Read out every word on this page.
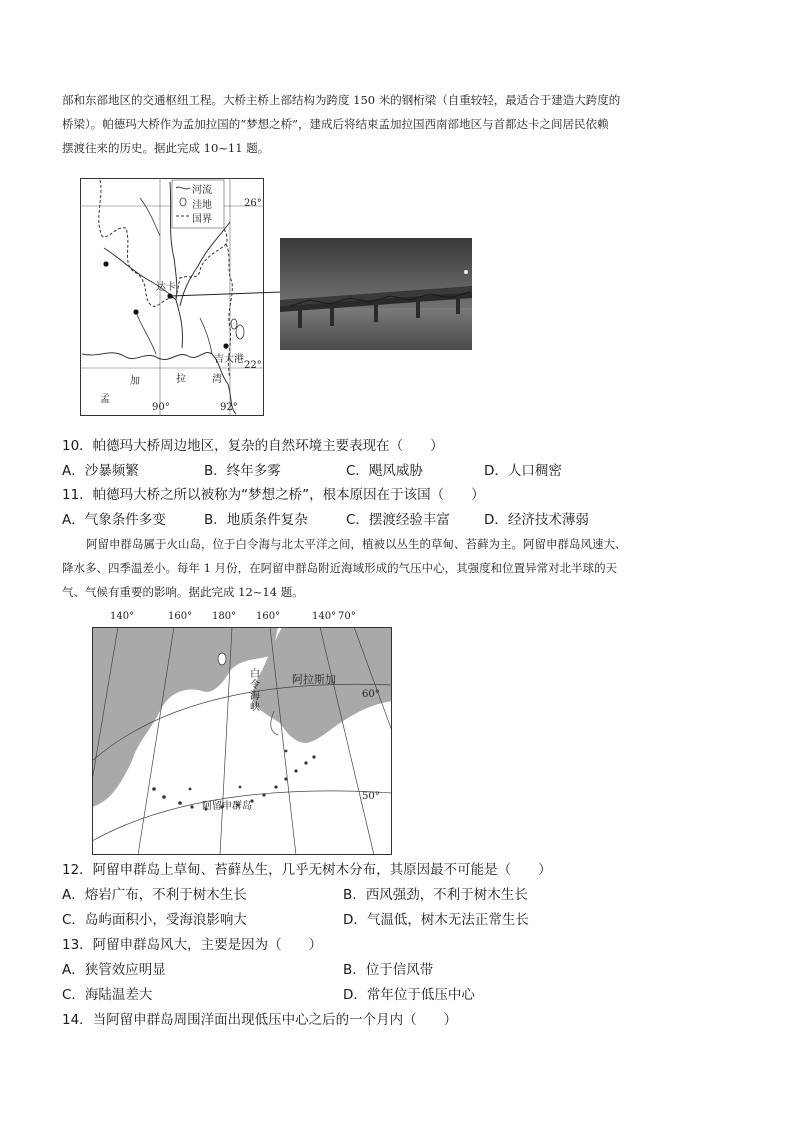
部和东部地区的交通枢纽工程。大桥主桥上部结构为跨度 150 米的钢桁梁（自重较轻，最适合于建造大跨度的
桥梁）。帕德玛大桥作为孟加拉国的“梦想之桥”，建成后将结束孟加拉国西南部地区与首都达卡之间居民依赖
摆渡往来的历史。据此完成 10~11 题。
河流
洼地
国界
26°
22°
90°	92°
达卡
吉大港
孟
加	拉	湾
10．帕德玛大桥周边地区，复杂的自然环境主要表现在（　　）
A．沙暴频繁	B．终年多雾	C．飓风威胁	D．人口稠密
11．帕德玛大桥之所以被称为“梦想之桥”，根本原因在于该国（　　）
A．气象条件多变	B．地质条件复杂	C．摆渡经验丰富	D．经济技术薄弱
阿留申群岛属于火山岛，位于白令海与北太平洋之间，植被以丛生的草甸、苔藓为主。阿留申群岛风速大、
降水多、四季温差小。每年 1 月份，在阿留申群岛附近海域形成的气压中心，其强度和位置异常对北半球的天
气、气候有重要的影响。据此完成 12~14 题。
140°	160° 180° 160°	140° 70°
60°
50°
阿拉斯加
白令海峡
阿留申群岛
12．阿留申群岛上草甸、苔藓丛生，几乎无树木分布，其原因最不可能是（　　）
A．熔岩广布，不利于树木生长	B．西风强劲，不利于树木生长
C．岛屿面积小，受海浪影响大	D．气温低，树木无法正常生长
13．阿留申群岛风大，主要是因为（　　）
A．狭管效应明显	B．位于信风带
C．海陆温差大	D．常年位于低压中心
14．当阿留申群岛周围洋面出现低压中心之后的一个月内（　　）
